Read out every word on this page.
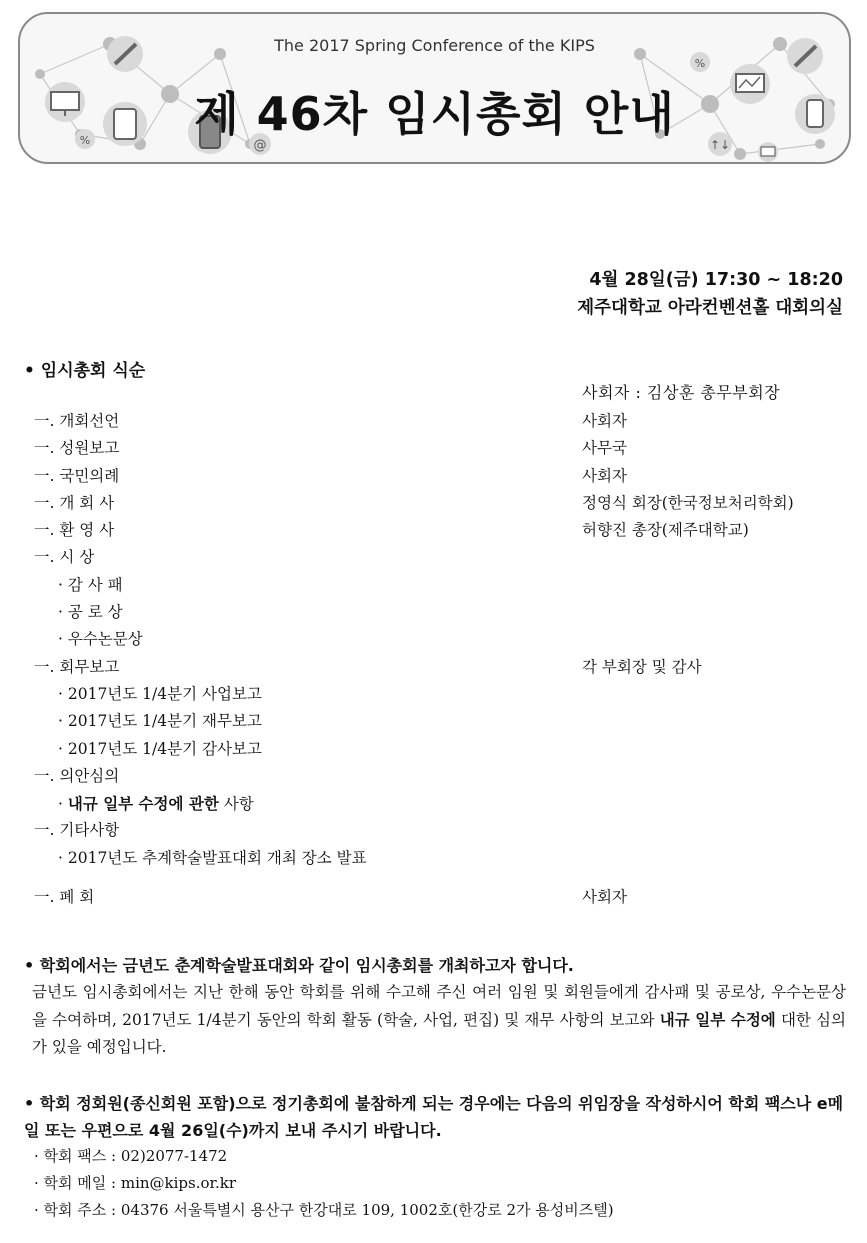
@
%
%
↑↓
The 2017 Spring Conference of the KIPS
제 46차 임시총회 안내
4월 28일(금) 17:30 ~ 18:20
제주대학교 아라컨벤션홀 대회의실
• 임시총회 식순
사회자 : 김상훈 총무부회장
一. 개회선언	사회자
一. 성원보고	사무국
一. 국민의례	사회자
一. 개 회 사	정영식 회장(한국정보처리학회)
一. 환 영 사	허향진 총장(제주대학교)
一. 시 상
· 감 사 패
· 공 로 상
· 우수논문상
一. 회무보고	각 부회장 및 감사
· 2017년도 1/4분기 사업보고
· 2017년도 1/4분기 재무보고
· 2017년도 1/4분기 감사보고
一. 의안심의
· 내규 일부 수정에 관한 사항
一. 기타사항
· 2017년도 추계학술발표대회 개최 장소 발표
一. 폐 회	사회자
• 학회에서는 금년도 춘계학술발표대회와 같이 임시총회를 개최하고자 합니다.
금년도 임시총회에서는 지난 한해 동안 학회를 위해 수고해 주신 여러 임원 및 회원들에게 감사패 및 공로상, 우수논문상을 수여하며, 2017년도 1/4분기 동안의 학회 활동 (학술, 사업, 편집) 및 재무 사항의 보고와 내규 일부 수정에 대한 심의가 있을 예정입니다.
• 학회 정회원(종신회원 포함)으로 정기총회에 불참하게 되는 경우에는 다음의 위임장을 작성하시어 학회 팩스나 e메일 또는 우편으로 4월 26일(수)까지 보내 주시기 바랍니다.
· 학회 팩스 : 02)2077-1472
· 학회 메일 : min@kips.or.kr
· 학회 주소 : 04376 서울특별시 용산구 한강대로 109, 1002호(한강로 2가 용성비즈텔)
